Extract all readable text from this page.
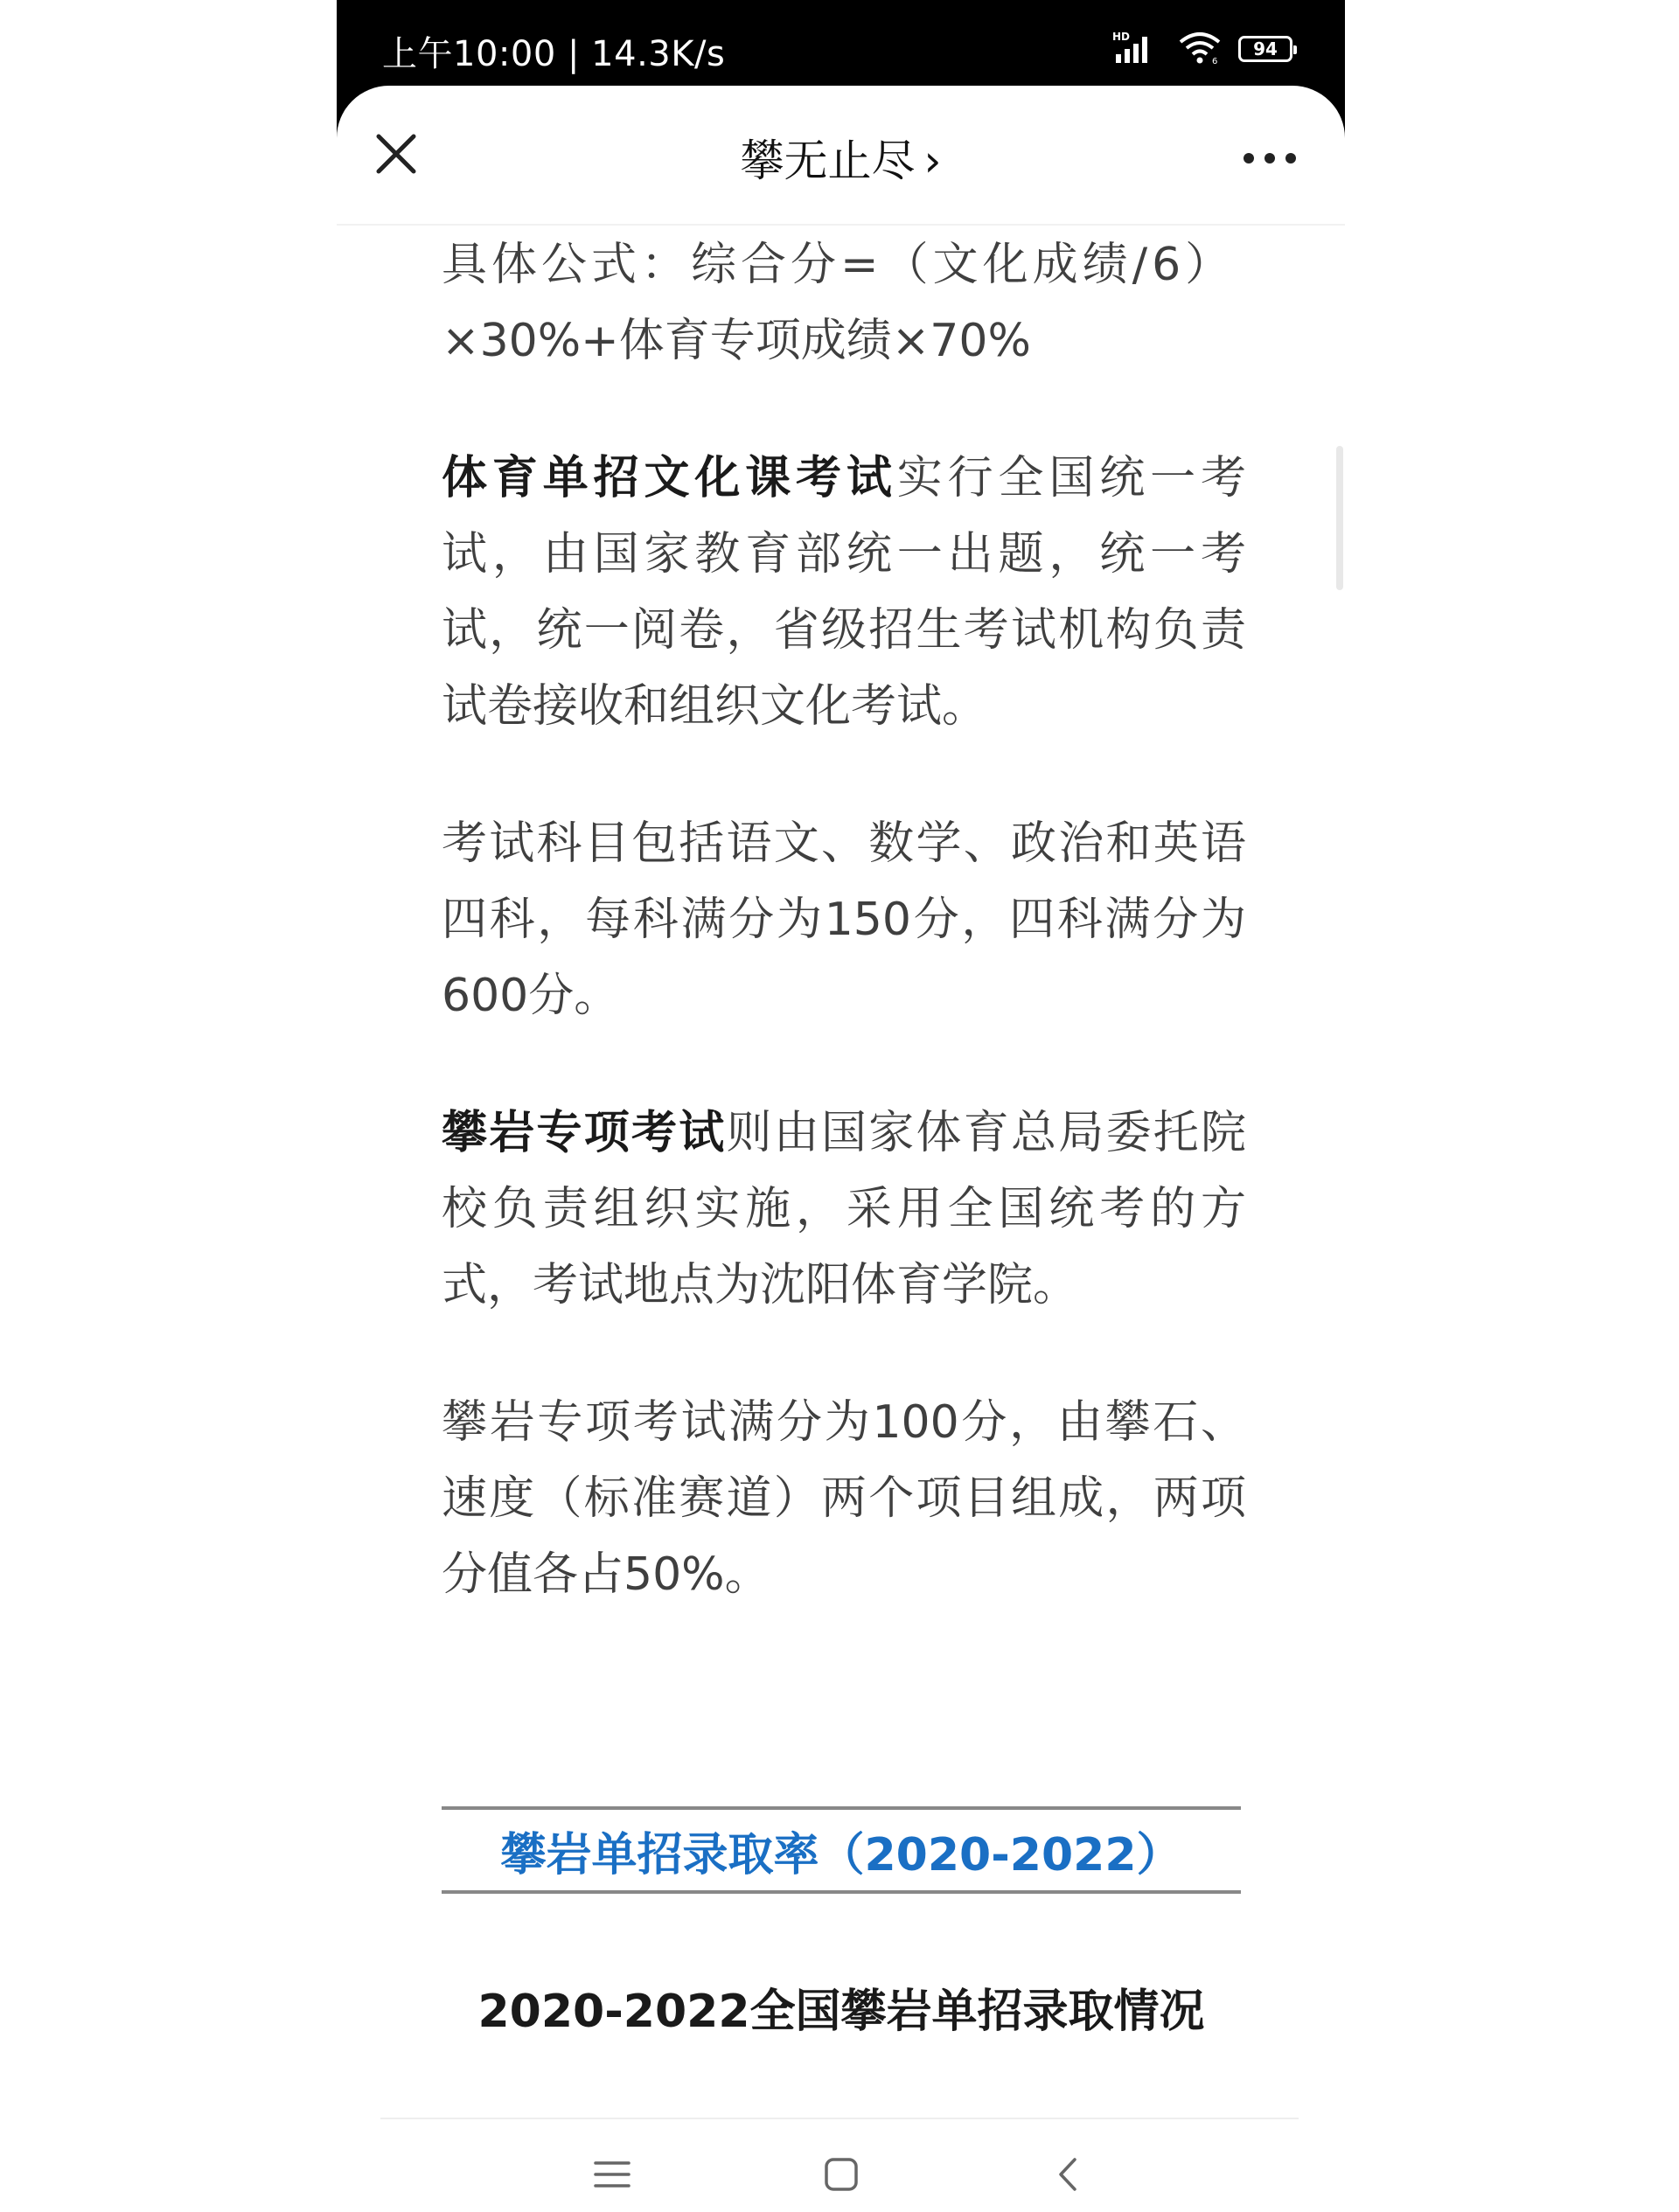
上午10:00 | 14.3K/s	HD
6
94
攀无止尽 ›

具体公式：综合分=（文化成绩/6）

×30%+体育专项成绩×70%

体育单招文化课考试实行全国统一考试，由国家教育部统一出题，统一考试，统一阅卷，省级招生考试机构负责试卷接收和组织文化考试。

考试科目包括语文、数学、政治和英语四科，每科满分为150分，四科满分为600分。

攀岩专项考试则由国家体育总局委托院校负责组织实施，采用全国统考的方式，考试地点为沈阳体育学院。

攀岩专项考试满分为100分，由攀石、速度（标准赛道）两个项目组成，两项分值各占50%。

攀岩单招录取率（2020-2022）
2020-2022全国攀岩单招录取情况
